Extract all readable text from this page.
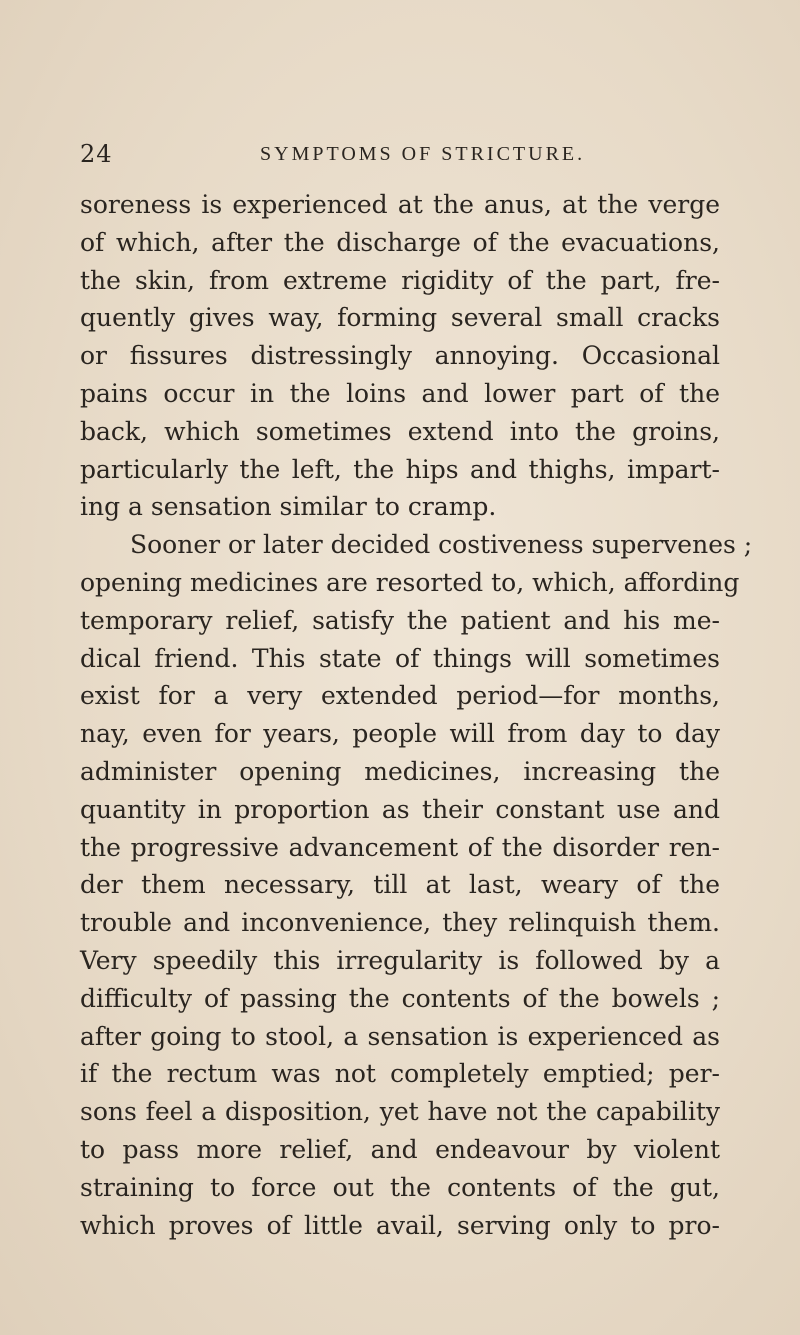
24	SYMPTOMS OF STRICTURE.
soreness is experienced at the anus, at the verge
of which, after the discharge of the evacuations,
the skin, from extreme rigidity of the part, fre-
quently gives way, forming several small cracks
or fissures distressingly annoying. Occasional
pains occur in the loins and lower part of the
back, which sometimes extend into the groins,
particularly the left, the hips and thighs, impart-
ing a sensation similar to cramp.
Sooner or later decided costiveness supervenes ;
opening medicines are resorted to, which, affording
temporary relief, satisfy the patient and his me-
dical friend. This state of things will sometimes
exist for a very extended period—for months,
nay, even for years, people will from day to day
administer opening medicines, increasing the
quantity in proportion as their constant use and
the progressive advancement of the disorder ren-
der them necessary, till at last, weary of the
trouble and inconvenience, they relinquish them.
Very speedily this irregularity is followed by a
difficulty of passing the contents of the bowels ;
after going to stool, a sensation is experienced as
if the rectum was not completely emptied; per-
sons feel a disposition, yet have not the capability
to pass more relief, and endeavour by violent
straining to force out the contents of the gut,
which proves of little avail, serving only to pro-
